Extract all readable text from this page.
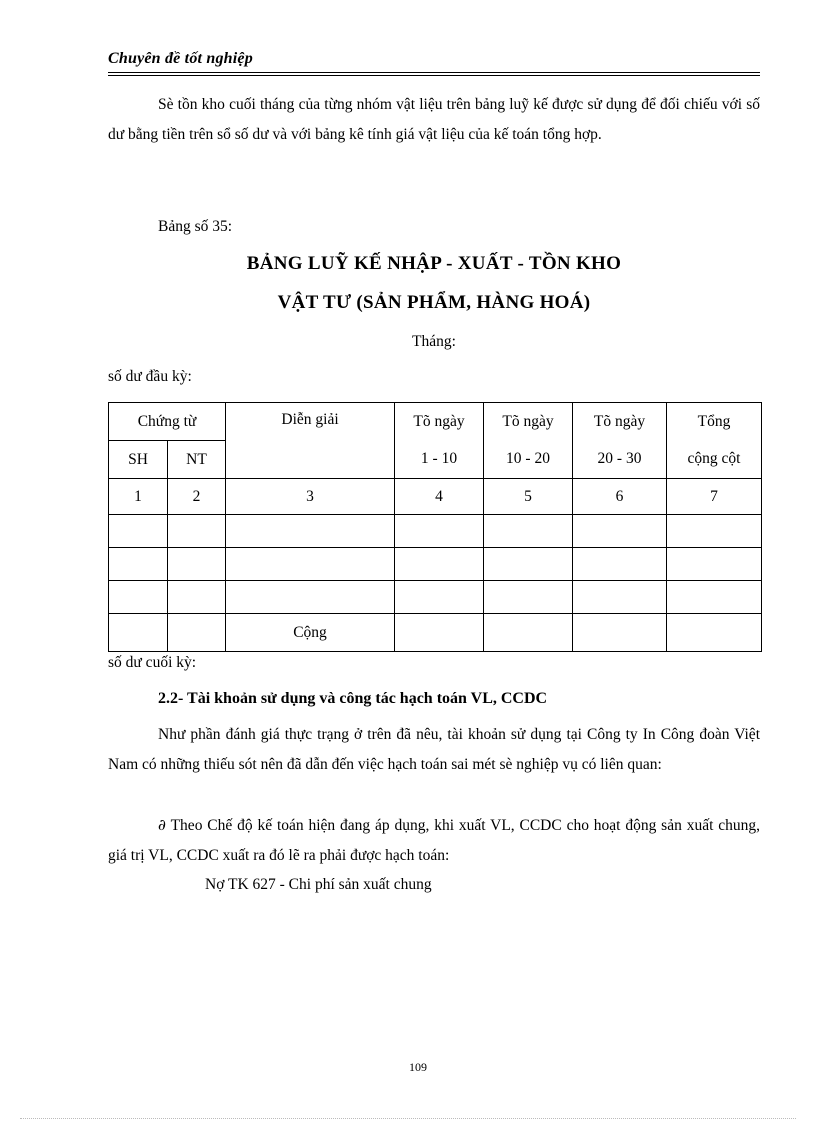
Chuyên đề tốt nghiệp

Sè tồn kho cuối tháng của từng nhóm vật liệu trên bảng luỹ kế được sử dụng để đối chiếu với số dư bằng tiền trên sổ số dư và với bảng kê tính giá vật liệu của kế toán tổng hợp.

Bảng số 35:
BẢNG LUỸ KẾ NHẬP - XUẤT - TỒN KHO
VẬT TƯ (SẢN PHẨM, HÀNG HOÁ)
Tháng:
số dư đầu kỳ:
Chứng từ		Diễn giải	Tõ ngày	Tõ ngày	Tõ ngày	Tổng
SH	NT		1 - 10	10 - 20	20 - 30	cộng cột
1	2	3	4	5	6	7

		Cộng				
số dư cuối kỳ:
2.2- Tài khoản sử dụng và công tác hạch toán VL, CCDC

Như phần đánh giá thực trạng ở trên đã nêu, tài khoản sử dụng tại Công ty In Công đoàn Việt Nam có những thiếu sót nên đã dẫn đến việc hạch toán sai mét sè nghiệp vụ có liên quan:

∂ Theo Chế độ kế toán hiện đang áp dụng, khi xuất VL, CCDC cho hoạt động sản xuất chung, giá trị VL, CCDC xuất ra đó lẽ ra phải được hạch toán:

Nợ TK 627 - Chi phí sản xuất chung
109
